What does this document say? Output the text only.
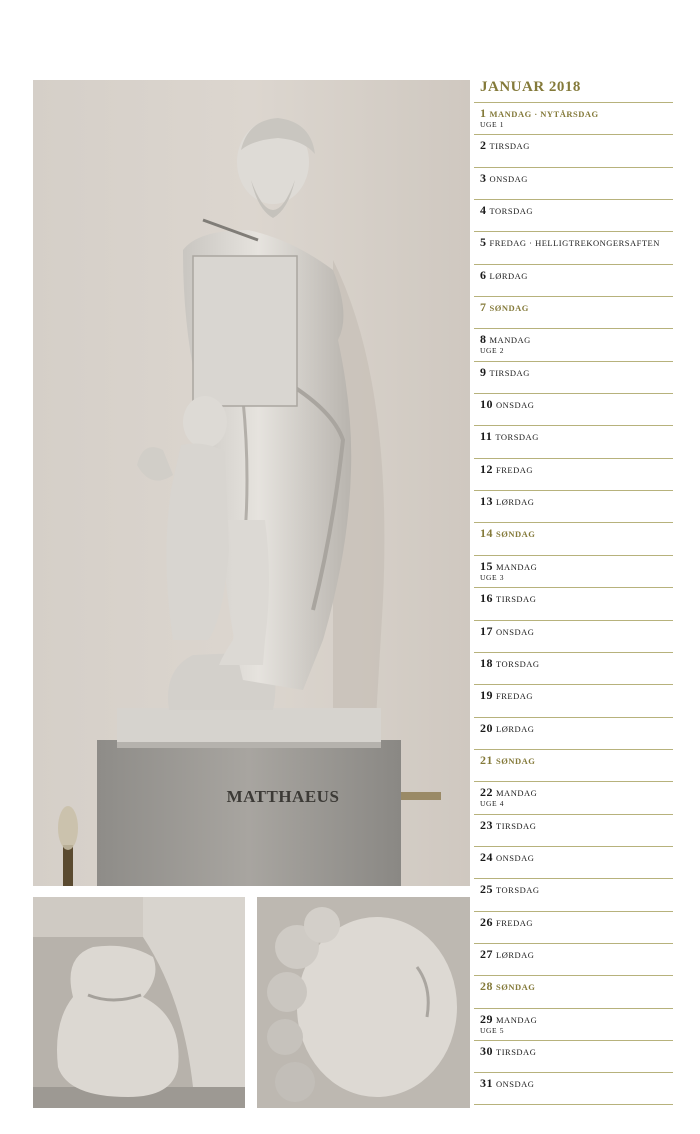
MATTHAEUS
JANUAR 2018
1 MANDAG · NYTÅRSDAG
UGE 1
2 TIRSDAG
3 ONSDAG
4 TORSDAG
5 FREDAG · HELLIGTREKONGERSAFTEN
6 LØRDAG
7 SØNDAG
8 MANDAG
UGE 2
9 TIRSDAG
10 ONSDAG
11 TORSDAG
12 FREDAG
13 LØRDAG
14 SØNDAG
15 MANDAG
UGE 3
16 TIRSDAG
17 ONSDAG
18 TORSDAG
19 FREDAG
20 LØRDAG
21 SØNDAG
22 MANDAG
UGE 4
23 TIRSDAG
24 ONSDAG
25 TORSDAG
26 FREDAG
27 LØRDAG
28 SØNDAG
29 MANDAG
UGE 5
30 TIRSDAG
31 ONSDAG
